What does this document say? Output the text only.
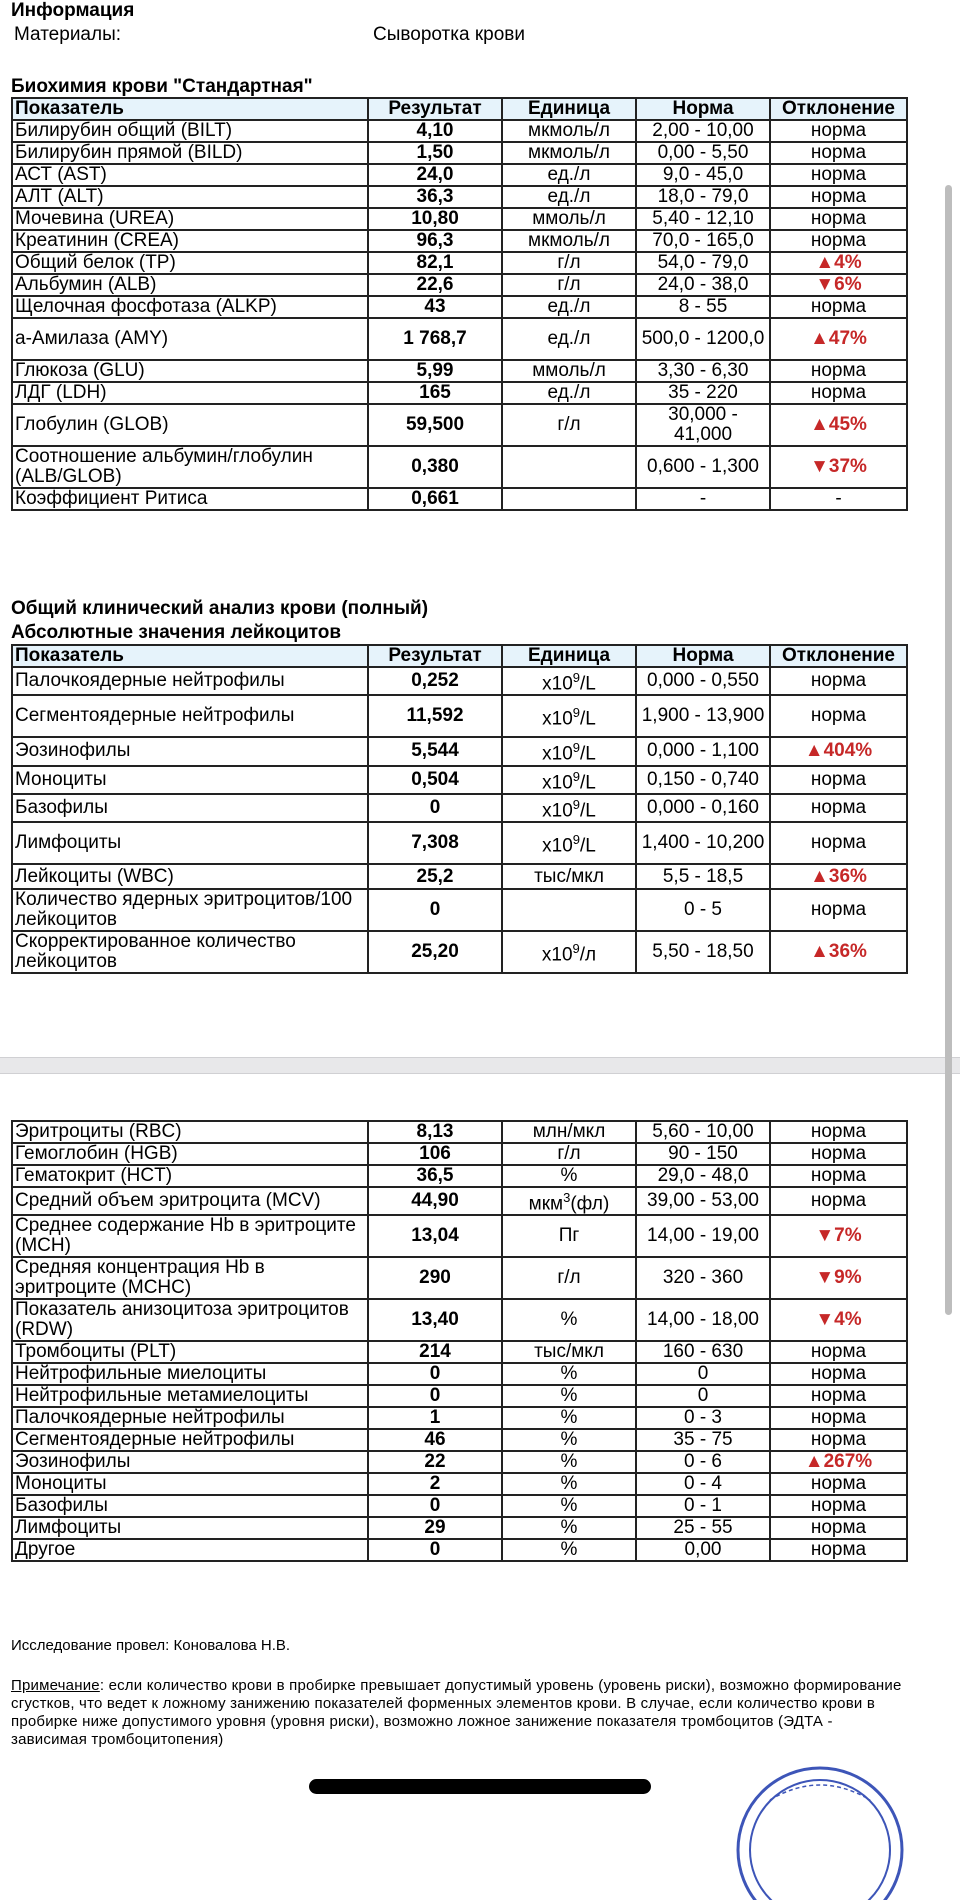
Информация
Материалы:	Сыворотка крови
Биохимия крови "Стандартная"
Показатель	Результат	Единица	Норма	Отклонение
Билирубин общий (BILT)	4,10	мкмоль/л	2,00 - 10,00	норма
Билирубин прямой (BILD)	1,50	мкмоль/л	0,00 - 5,50	норма
АСТ (AST)	24,0	ед./л	9,0 - 45,0	норма
АЛТ (ALT)	36,3	ед./л	18,0 - 79,0	норма
Мочевина (UREA)	10,80	ммоль/л	5,40 - 12,10	норма
Креатинин (CREA)	96,3	мкмоль/л	70,0 - 165,0	норма
Общий белок (TP)	82,1	г/л	54,0 - 79,0	▲4%
Альбумин (ALB)	22,6	г/л	24,0 - 38,0	▼6%
Щелочная фосфотаза (ALKP)	43	ед./л	8 - 55	норма
а-Амилаза (AMY)	1 768,7	ед./л	500,0 - 1200,0	▲47%
Глюкоза (GLU)	5,99	ммоль/л	3,30 - 6,30	норма
ЛДГ (LDH)	165	ед./л	35 - 220	норма
Глобулин (GLOB)	59,500	г/л	30,000 - 41,000	▲45%
Соотношение альбумин/глобулин (ALB/GLOB)	0,380		0,600 - 1,300	▼37%
Коэффициент Ритиса	0,661		-	-
Общий клинический анализ крови (полный)
Абсолютные значения лейкоцитов
Показатель	Результат	Единица	Норма	Отклонение
Палочкоядерные нейтрофилы	0,252	$x10^9/L$	0,000 - 0,550	норма
Сегментоядерные нейтрофилы	11,592	$x10^9/L$	1,900 - 13,900	норма
Эозинофилы	5,544	$x10^9/L$	0,000 - 1,100	▲404%
Моноциты	0,504	$x10^9/L$	0,150 - 0,740	норма
Базофилы	0	$x10^9/L$	0,000 - 0,160	норма
Лимфоциты	7,308	$x10^9/L$	1,400 - 10,200	норма
Лейкоциты (WBC)	25,2	тыс/мкл	5,5 - 18,5	▲36%
Количество ядерных эритроцитов/100 лейкоцитов	0		0 - 5	норма
Скорректированное количество лейкоцитов	25,20	$x10^9/л$	5,50 - 18,50	▲36%
Эритроциты (RBC)	8,13	млн/мкл	5,60 - 10,00	норма
Гемоглобин (HGB)	106	г/л	90 - 150	норма
Гематокрит (HCT)	36,5	%	29,0 - 48,0	норма
Средний объем эритроцита (MCV)	44,90	мкм$^3$(фл)	39,00 - 53,00	норма
Среднее содержание Нb в эритроците (MCH)	13,04	Пг	14,00 - 19,00	▼7%
Средняя концентрация Нb в эритроците (MCHC)	290	г/л	320 - 360	▼9%
Показатель анизоцитоза эритроцитов (RDW)	13,40	%	14,00 - 18,00	▼4%
Тромбоциты (PLT)	214	тыс/мкл	160 - 630	норма
Нейтрофильные миелоциты	0	%	0	норма
Нейтрофильные метамиелоциты	0	%	0	норма
Палочкоядерные нейтрофилы	1	%	0 - 3	норма
Сегментоядерные нейтрофилы	46	%	35 - 75	норма
Эозинофилы	22	%	0 - 6	▲267%
Моноциты	2	%	0 - 4	норма
Базофилы	0	%	0 - 1	норма
Лимфоциты	29	%	25 - 55	норма
Другое	0	%	0,00	норма
Исследование провел: Коновалова Н.В.
Примечание: если количество крови в пробирке превышает допустимый уровень (уровень риски), возможно формирование сгустков, что ведет к ложному занижению показателей форменных элементов крови. В случае, если количество крови в пробирке ниже допустимого уровня (уровня риски), возможно ложное занижение показателя тромбоцитов (ЭДТА - зависимая тромбоцитопения)
